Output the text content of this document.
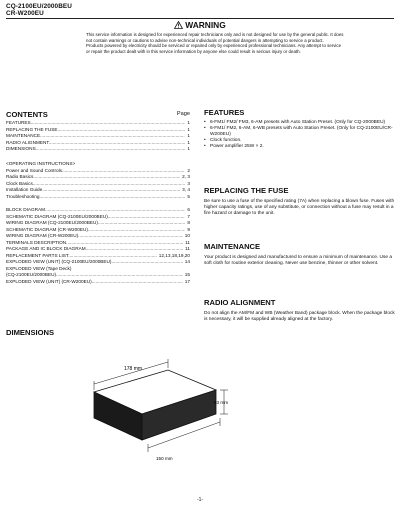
CQ-2100EU/2000BEU
CR-W200EU
WARNING

This service information is designed for experienced repair technicians only and is not designed for use by the general public. It does not contain warnings or cautions to advise non-technical individuals of potential dangers in attempting to service a product.

Products powered by electricity should be serviced or repaired only by experienced professional technicians. Any attempt to service or repair the product dealt with in this service information by anyone else could result in serious injury or death.

CONTENTS	Page
FEATURES .....	1
REPLACING THE FUSE .....	1
MAINTENANCE .....	1
RADIO ALIGNMENT .....	1
DIMENSIONS .....	1
<OPERATING INSTRUCTIONS>
Power and Sound Controls .....	2
Radio Basics .....	2, 3
Clock Basics .....	3
Installation Guide .....	3, 4
Troubleshooting .....	5
BLOCK DIAGRAM .....	6
SCHEMATIC DIAGRAM (CQ-2100EU/2000BEU) .....	7
WIRING DIAGRAM (CQ-2100EU/2000BEU) .....	8
SCHEMATIC DIAGRAM (CR-W200EU) .....	9
WIRING DIAGRAM (CR-W200EU) .....	10
TERMINALS DESCRIPTION .....	11
PACKAGE AND IC BLOCK DIAGRAM .....	11
REPLACEMENT PARTS LIST .....	12,13,18,19,20
EXPLODED VIEW (UNIT) (CQ-2100EU/2000BEU) .....	14
EXPLODED VIEW (Tape Deck)
(CQ-2100EU/2000BEU) .....	15
EXPLODED VIEW (UNIT) (CR-W200EU) .....	17
FEATURES
• 6-FM1/ FM2/ FM3, 6-AM presets with Auto Station Preset. (Only for CQ-2000BEU)
• 6-FM1/ FM2, 6-AM, 6-WB presets with Auto Station Preset. (Only for CQ-2100EU/CR-W200EU)
• Clock function.
• Power amplifier 25W × 2.
REPLACING THE FUSE

Be sure to use a fuse of the specified rating (7A) when replacing a blown fuse. Fuses with higher capacity ratings, use of any substitute, or connection without a fuse may result in a fire hazard or damage to the unit.

MAINTENANCE

Your product is designed and manufactured to ensure a minimum of maintenance. Use a soft cloth for routine exterior cleaning. Never use benzine, thinner or other solvent.

RADIO ALIGNMENT

Do not align the AM/FM and WB (Weather Band) package block. When the package block is necessary, it will be supplied already aligned at the factory.

DIMENSIONS
178 mm
53 mm
150 mm
-1-
